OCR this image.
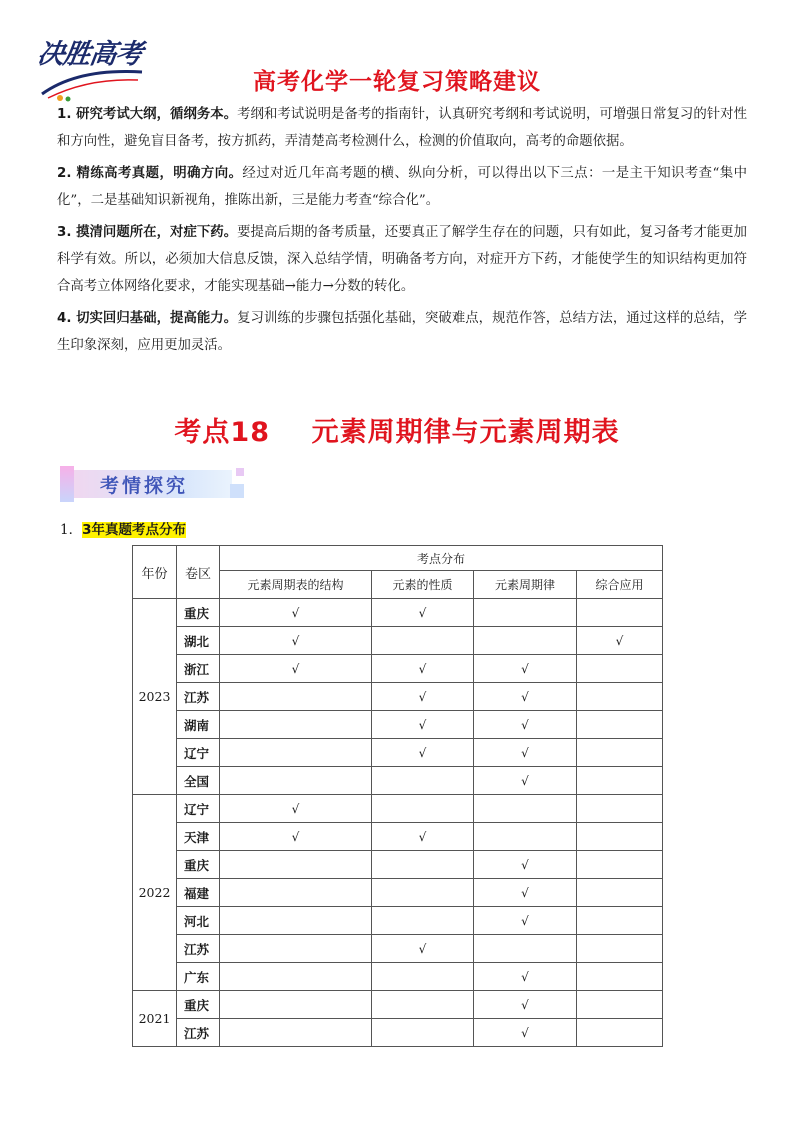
决胜高考
高考化学一轮复习策略建议

1. 研究考试大纲，循纲务本。考纲和考试说明是备考的指南针，认真研究考纲和考试说明，可增强日常复习的针对性和方向性，避免盲目备考，按方抓药，弄清楚高考检测什么，检测的价值取向，高考的命题依据。

2. 精练高考真题，明确方向。经过对近几年高考题的横、纵向分析，可以得出以下三点：一是主干知识考查“集中化”，二是基础知识新视角，推陈出新，三是能力考查“综合化”。

3. 摸清问题所在，对症下药。要提高后期的备考质量，还要真正了解学生存在的问题，只有如此，复习备考才能更加科学有效。所以，必须加大信息反馈，深入总结学情，明确备考方向，对症开方下药，才能使学生的知识结构更加符合高考立体网络化要求，才能实现基础→能力→分数的转化。

4. 切实回归基础，提高能力。复习训练的步骤包括强化基础，突破难点，规范作答，总结方法，通过这样的总结，学生印象深刻，应用更加灵活。

考点18    元素周期律与元素周期表
考情探究
1．3年真题考点分布
年份	卷区	考点分布			
		元素周期表的结构	元素的性质	元素周期律	综合应用
2023	重庆	√	√		
	湖北	√			√
	浙江	√	√	√	
	江苏		√	√	
	湖南		√	√	
	辽宁		√	√	
	全国			√	
2022	辽宁	√			
	天津	√	√		
	重庆			√	
	福建			√	
	河北			√	
	江苏		√		
	广东			√	
2021	重庆			√	
	江苏			√	
